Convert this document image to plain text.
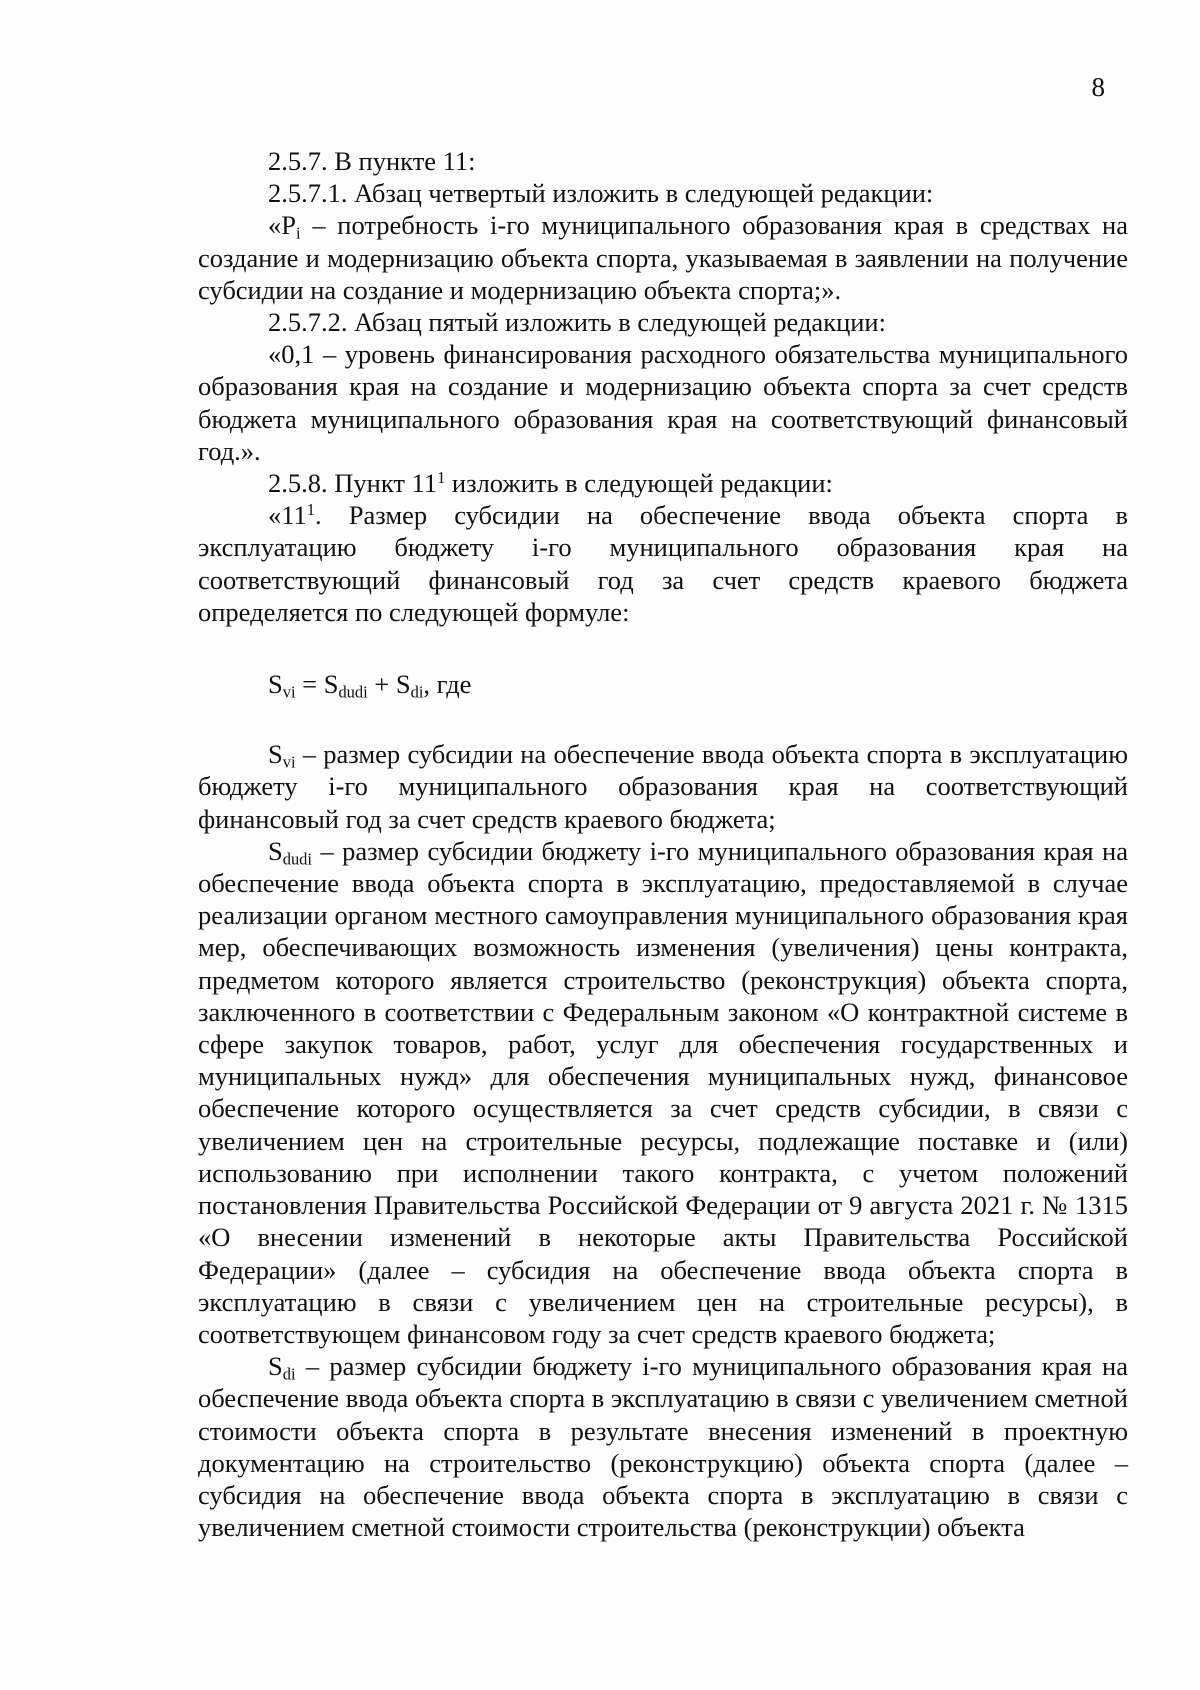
8

2.5.7. В пункте 11:

2.5.7.1. Абзац четвертый изложить в следующей редакции:

«$P_i$ – потребность i-го муниципального образования края в средствах на создание и модернизацию объекта спорта, указываемая в заявлении на получение субсидии на создание и модернизацию объекта спорта;».

2.5.7.2. Абзац пятый изложить в следующей редакции:

«0,1 – уровень финансирования расходного обязательства муниципального образования края на создание и модернизацию объекта спорта за счет средств бюджета муниципального образования края на соответствующий финансовый год.».

2.5.8. Пункт $11^1$ изложить в следующей редакции:

«$11^1$. Размер субсидии на обеспечение ввода объекта спорта в эксплуатацию бюджету i-го муниципального образования края на соответствующий финансовый год за счет средств краевого бюджета определяется по следующей формуле:

$S_{vi} = S_{dudi} + S_{di}$, где

$S_{vi}$ – размер субсидии на обеспечение ввода объекта спорта в эксплуатацию бюджету i-го муниципального образования края на соответствующий финансовый год за счет средств краевого бюджета;

$S_{dudi}$ – размер субсидии бюджету i-го муниципального образования края на обеспечение ввода объекта спорта в эксплуатацию, предоставляемой в случае реализации органом местного самоуправления муниципального образования края мер, обеспечивающих возможность изменения (увеличения) цены контракта, предметом которого является строительство (реконструкция) объекта спорта, заключенного в соответствии с Федеральным законом «О контрактной системе в сфере закупок товаров, работ, услуг для обеспечения государственных и муниципальных нужд» для обеспечения муниципальных нужд, финансовое обеспечение которого осуществляется за счет средств субсидии, в связи с увеличением цен на строительные ресурсы, подлежащие поставке и (или) использованию при исполнении такого контракта, с учетом положений постановления Правительства Российской Федерации от 9 августа 2021 г. № 1315 «О внесении изменений в некоторые акты Правительства Российской Федерации» (далее – субсидия на обеспечение ввода объекта спорта в эксплуатацию в связи с увеличением цен на строительные ресурсы), в соответствующем финансовом году за счет средств краевого бюджета;

$S_{di}$ – размер субсидии бюджету i-го муниципального образования края на обеспечение ввода объекта спорта в эксплуатацию в связи с увеличением сметной стоимости объекта спорта в результате внесения изменений в проектную документацию на строительство (реконструкцию) объекта спорта (далее – субсидия на обеспечение ввода объекта спорта в эксплуатацию в связи с увеличением сметной стоимости строительства (реконструкции) объекта
